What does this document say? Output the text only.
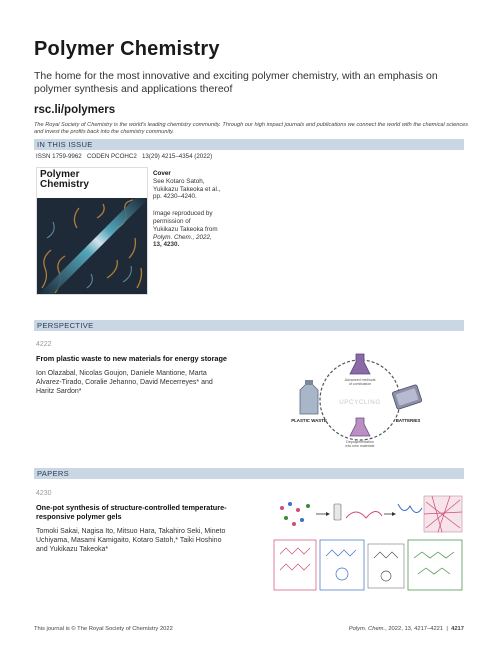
Polymer Chemistry
The home for the most innovative and exciting polymer chemistry, with an emphasis on polymer synthesis and applications thereof
rsc.li/polymers
The Royal Society of Chemistry is the world's leading chemistry community. Through our high impact journals and publications we connect the world with the chemical sciences and invest the profits back into the chemistry community.
IN THIS ISSUE
ISSN 1759-9962 CODEN PCOHC2 13(29) 4215–4354 (2022)
Polymer
Chemistry
Cover
See Kotaro Satoh,
Yukikazu Takeoka et al.,
pp. 4230–4240.
Image reproduced by
permission of
Yukikazu Takeoka from
Polym. Chem., 2022,
13, 4230.
PERSPECTIVE
4222
From plastic waste to new materials for energy storage
Ion Olazabal, Nicolas Goujon, Daniele Mantione, Marta Alvarez-Tirado, Coralie Jehanno, David Mecerreyes* and Haritz Sardon*
Advanced methods
of combustion
PLASTIC WASTE	BATTERIES
UPCYCLING
Depolymerisation
into new materials
PAPERS
4230
One-pot synthesis of structure-controlled temperature-responsive polymer gels
Tomoki Sakai, Nagisa Ito, Mitsuo Hara, Takahiro Seki, Mineto Uchiyama, Masami Kamigaito, Kotaro Satoh,* Taiki Hoshino and Yukikazu Takeoka*
This journal is © The Royal Society of Chemistry 2022	Polym. Chem., 2022, 13, 4217–4221  |  4217
